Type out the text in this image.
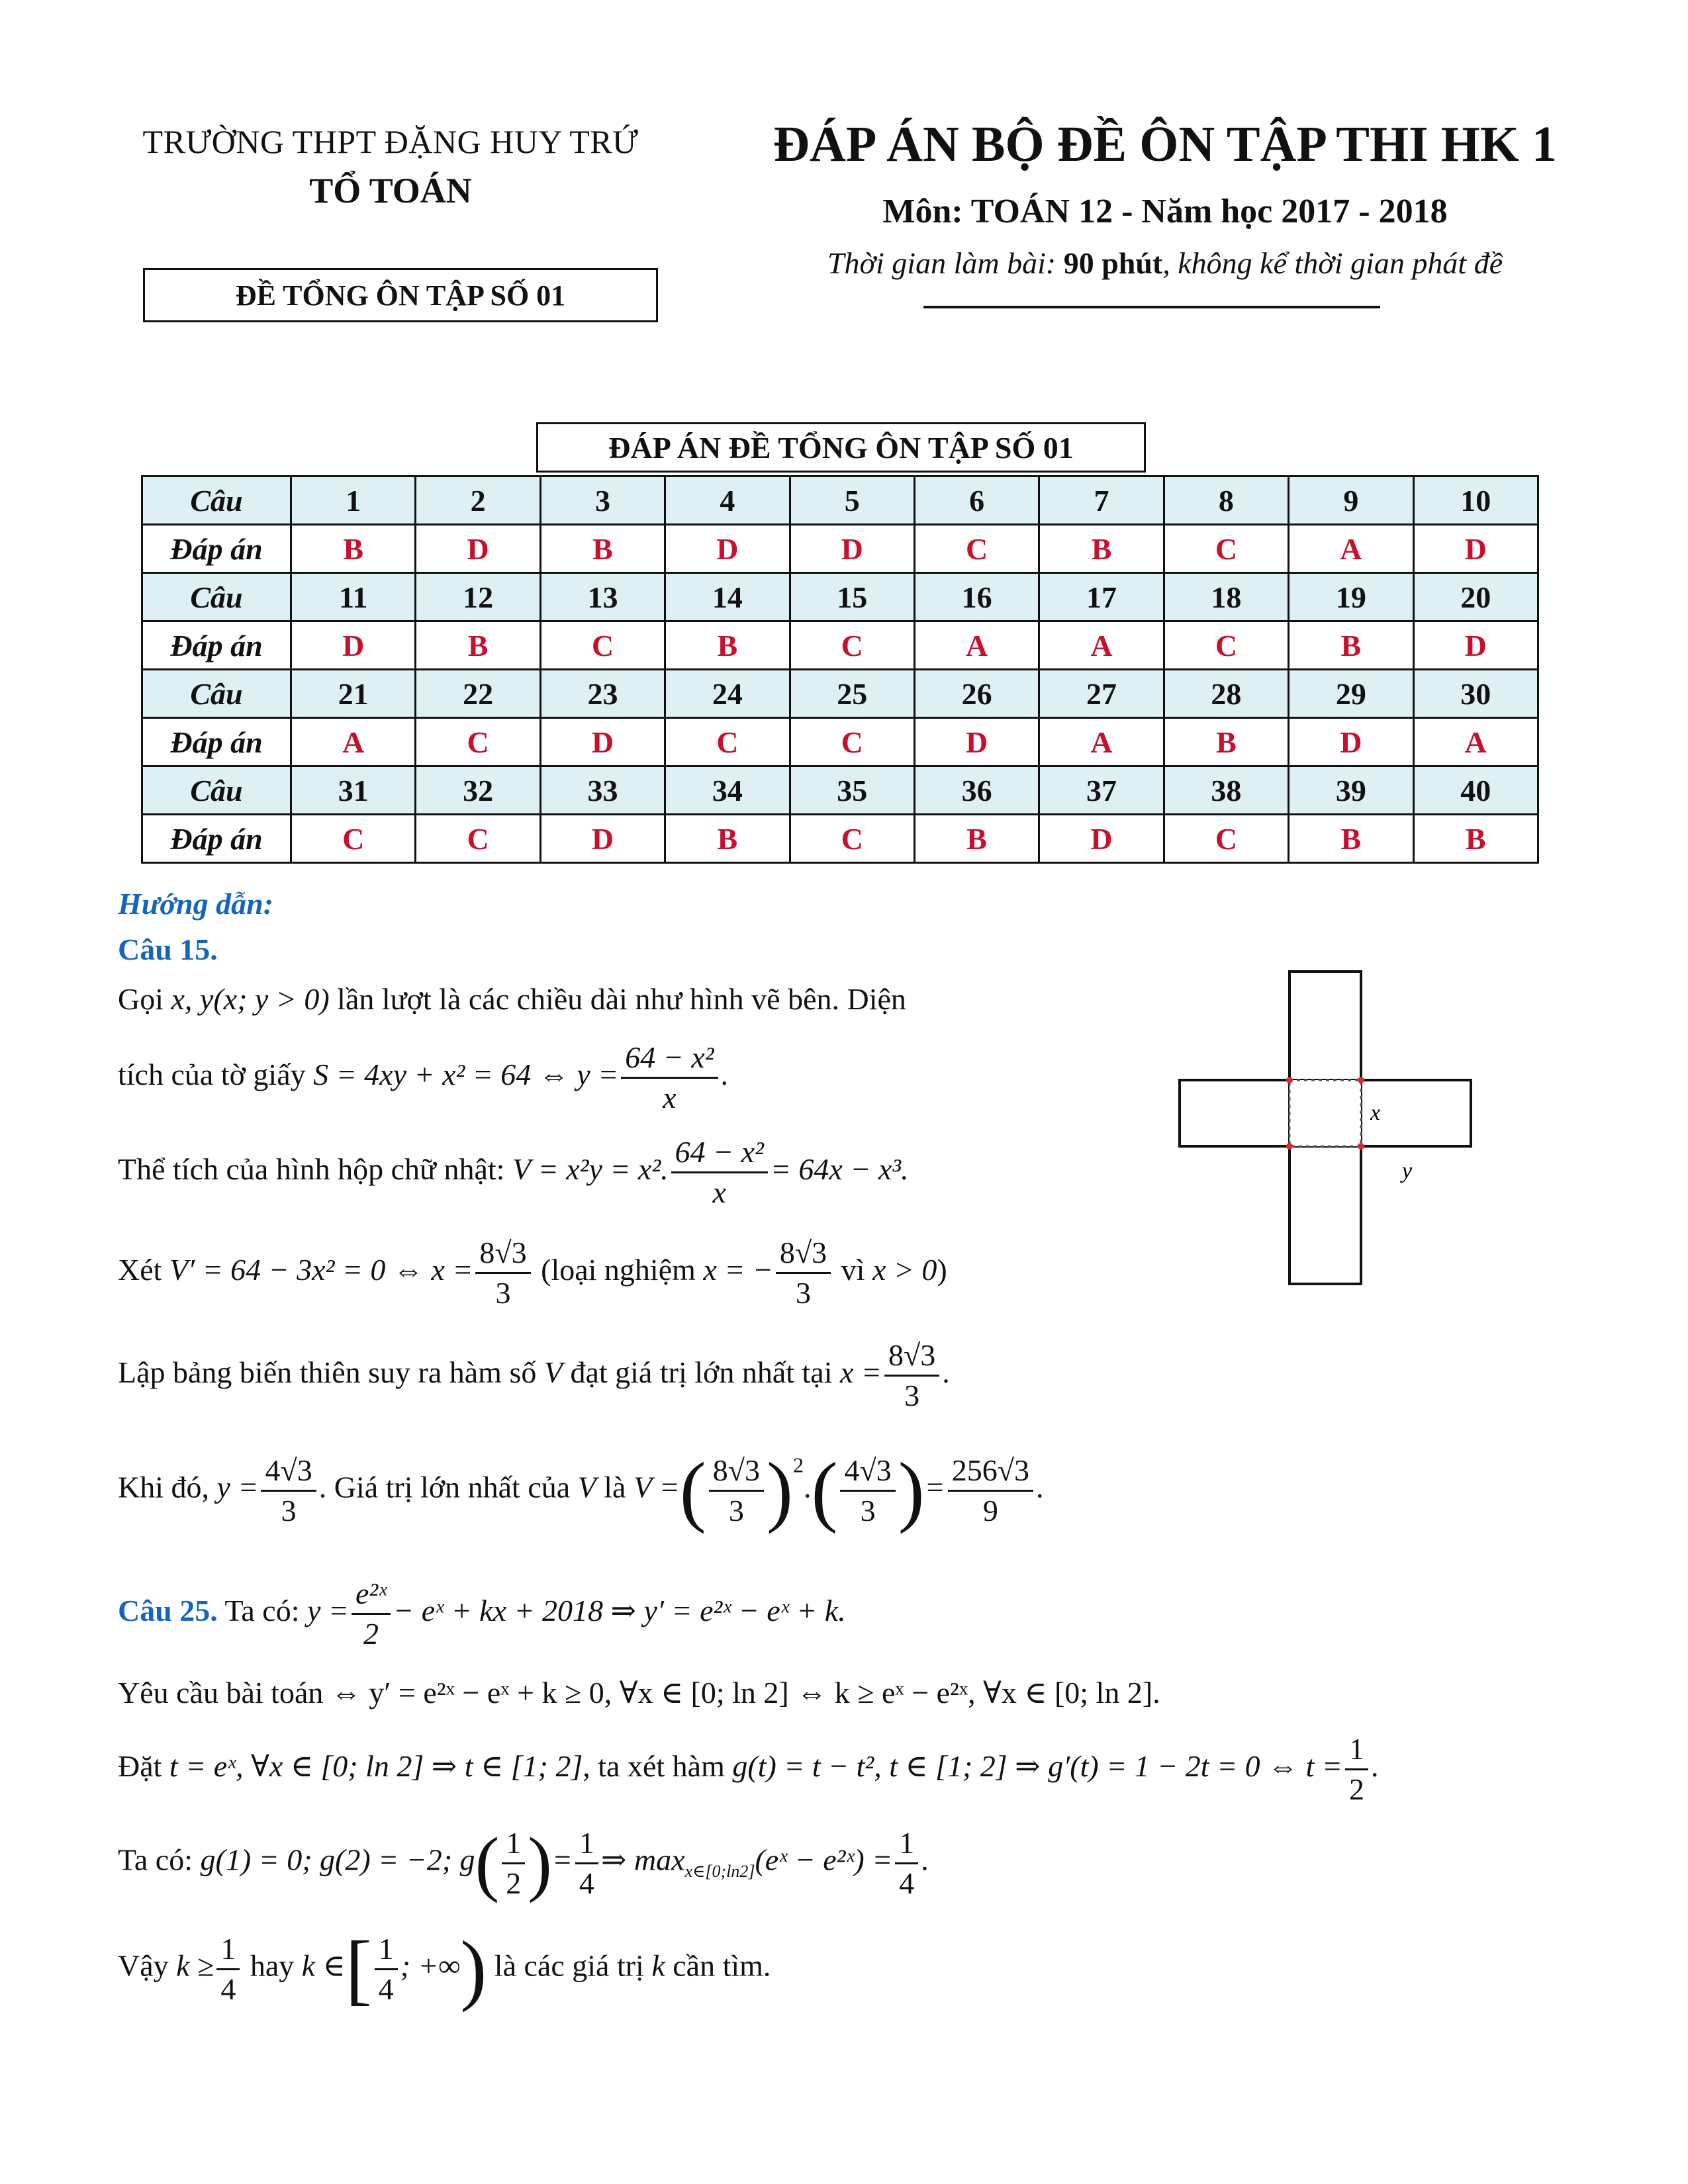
TRƯỜNG THPT ĐẶNG HUY TRỨ
TỔ TOÁN
ĐỀ TỔNG ÔN TẬP SỐ 01
ĐÁP ÁN BỘ ĐỀ ÔN TẬP THI HK 1
Môn: TOÁN 12 - Năm học 2017 - 2018
Thời gian làm bài: 90 phút, không kể thời gian phát đề
ĐÁP ÁN ĐỀ TỔNG ÔN TẬP SỐ 01
Câu	1	2	3	4	5	6	7	8	9	10
Đáp án	B	D	B	D	D	C	B	C	A	D
Câu	11	12	13	14	15	16	17	18	19	20
Đáp án	D	B	C	B	C	A	A	C	B	D
Câu	21	22	23	24	25	26	27	28	29	30
Đáp án	A	C	D	C	C	D	A	B	D	A
Câu	31	32	33	34	35	36	37	38	39	40
Đáp án	C	C	D	B	C	B	D	C	B	B
Hướng dẫn:
Câu 15.
Gọi x, y(x; y > 0) lần lượt là các chiều dài như hình vẽ bên. Diện
tích của tờ giấy S = 4xy + x² = 64 ⇔ $y = \frac{\text{64 − x²}}{x}$ .
Thể tích của hình hộp chữ nhật: V = x²y = x². $\frac{\text{64 − x²}}{x} = 64x - x^3$.
Xét V′ = 64 − 3x² = 0 ⇔ $x = \frac{8√3}{3}$ (loại nghiệm x = − $\frac{8√3}{3}$ vì x > 0)
Lập bảng biến thiên suy ra hàm số V đạt giá trị lớn nhất tại $x = \frac{8√3}{3}$ .
Khi đó, $y = \frac{4√3}{3}$ . Giá trị lớn nhất của V là V =( $\frac{8√3}{3} )^2.( \frac{4√3}{3}$ )= $\frac{256√3}{9}$ .
x
y
Câu 25. Ta có: $y = \frac{\text{e²ˣ}}{2}$ − eˣ + kx + 2018 ⇒ y′ = e²ˣ − eˣ + k.
Yêu cầu bài toán ⇔ y′ = e²ˣ − eˣ + k ≥ 0, ∀x ∈ [0; ln 2] ⇔ k ≥ eˣ − e²ˣ, ∀x ∈ [0; ln 2].
Đặt t = eˣ, ∀x ∈ [0; ln 2] ⇒ t ∈ [1; 2], ta xét hàm g(t) = t − t², t ∈ [1; 2] ⇒ g′(t) = 1 − 2t = 0 ⇔ $t = \frac{1}{2}$ .
Ta có: g(1) = 0; g(2) = −2; $g( \frac{1}{2}$ )= $\frac{1}{4}$ ⇒ $\max_{x\in[0;ln2]}(eˣ$ − e²ˣ) = $\frac{1}{4}$ .
Vậy $k \ge \frac{1}{4}$ hay k ∈[ $\frac{1}{4}$ ; +∞) là các giá trị k cần tìm.
